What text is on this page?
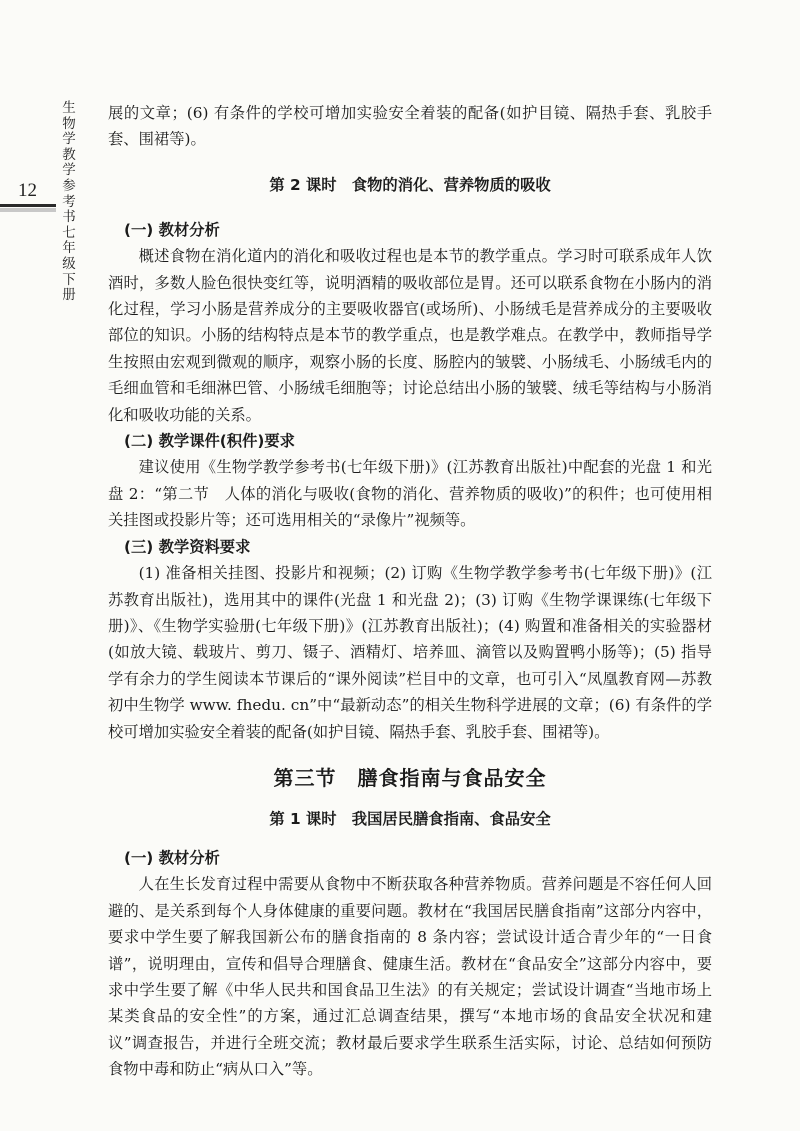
生物学教学参考书七年级下册
12

展的文章；(6) 有条件的学校可增加实验安全着装的配备(如护目镜、隔热手套、乳胶手套、围裙等)。

第 2 课时　食物的消化、营养物质的吸收
(一) 教材分析

概述食物在消化道内的消化和吸收过程也是本节的教学重点。学习时可联系成年人饮酒时，多数人脸色很快变红等，说明酒精的吸收部位是胃。还可以联系食物在小肠内的消化过程，学习小肠是营养成分的主要吸收器官(或场所)、小肠绒毛是营养成分的主要吸收部位的知识。小肠的结构特点是本节的教学重点，也是教学难点。在教学中，教师指导学生按照由宏观到微观的顺序，观察小肠的长度、肠腔内的皱襞、小肠绒毛、小肠绒毛内的毛细血管和毛细淋巴管、小肠绒毛细胞等；讨论总结出小肠的皱襞、绒毛等结构与小肠消化和吸收功能的关系。

(二) 教学课件(积件)要求

建议使用《生物学教学参考书(七年级下册)》(江苏教育出版社)中配套的光盘 1 和光盘 2：“第二节　人体的消化与吸收(食物的消化、营养物质的吸收)”的积件；也可使用相关挂图或投影片等；还可选用相关的“录像片”视频等。

(三) 教学资料要求

(1) 准备相关挂图、投影片和视频；(2) 订购《生物学教学参考书(七年级下册)》(江苏教育出版社)，选用其中的课件(光盘 1 和光盘 2)；(3) 订购《生物学课课练(七年级下册)》、《生物学实验册(七年级下册)》(江苏教育出版社)；(4) 购置和准备相关的实验器材(如放大镜、载玻片、剪刀、镊子、酒精灯、培养皿、滴管以及购置鸭小肠等)；(5) 指导学有余力的学生阅读本节课后的“课外阅读”栏目中的文章，也可引入“凤凰教育网—苏教初中生物学 www. fhedu. cn”中“最新动态”的相关生物科学进展的文章；(6) 有条件的学校可增加实验安全着装的配备(如护目镜、隔热手套、乳胶手套、围裙等)。

第三节　膳食指南与食品安全
第 1 课时　我国居民膳食指南、食品安全
(一) 教材分析

人在生长发育过程中需要从食物中不断获取各种营养物质。营养问题是不容任何人回避的、是关系到每个人身体健康的重要问题。教材在“我国居民膳食指南”这部分内容中，要求中学生要了解我国新公布的膳食指南的 8 条内容；尝试设计适合青少年的“一日食谱”，说明理由，宣传和倡导合理膳食、健康生活。教材在“食品安全”这部分内容中，要求中学生要了解《中华人民共和国食品卫生法》的有关规定；尝试设计调查“当地市场上某类食品的安全性”的方案，通过汇总调查结果，撰写“本地市场的食品安全状况和建议”调查报告，并进行全班交流；教材最后要求学生联系生活实际，讨论、总结如何预防食物中毒和防止“病从口入”等。
